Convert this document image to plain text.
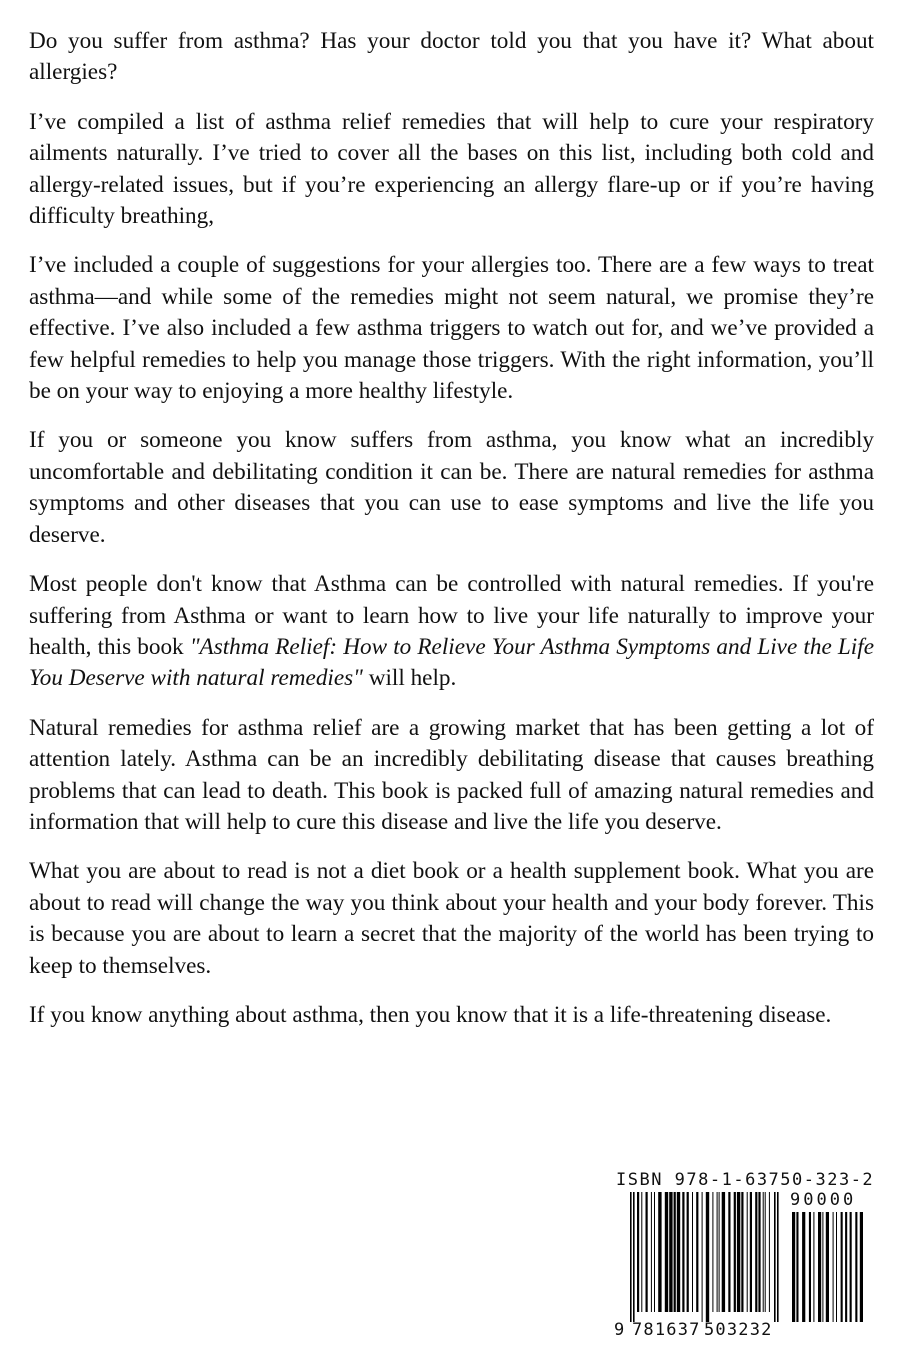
Do you suffer from asthma? Has your doctor told you that you have it? What about allergies?

I’ve compiled a list of asthma relief remedies that will help to cure your respiratory ailments naturally. I’ve tried to cover all the bases on this list, including both cold and allergy-related issues, but if you’re experiencing an allergy flare-up or if you’re having difficulty breathing,

I’ve included a couple of suggestions for your allergies too. There are a few ways to treat asthma—and while some of the remedies might not seem natural, we promise they’re effective. I’ve also included a few asthma triggers to watch out for, and we’ve provided a few helpful remedies to help you manage those triggers. With the right information, you’ll be on your way to enjoying a more healthy lifestyle.

If you or someone you know suffers from asthma, you know what an incredibly uncomfortable and debilitating condition it can be. There are natural remedies for asthma symptoms and other diseases that you can use to ease symptoms and live the life you deserve.

Most people don't know that Asthma can be controlled with natural remedies. If you're suffering from Asthma or want to learn how to live your life naturally to improve your health, this book "Asthma Relief: How to Relieve Your Asthma Symptoms and Live the Life You Deserve with natural remedies" will help.

Natural remedies for asthma relief are a growing market that has been getting a lot of attention lately. Asthma can be an incredibly debilitating disease that causes breathing problems that can lead to death. This book is packed full of amazing natural remedies and information that will help to cure this disease and live the life you deserve.

What you are about to read is not a diet book or a health supplement book. What you are about to read will change the way you think about your health and your body forever. This is because you are about to learn a secret that the majority of the world has been trying to keep to themselves.

If you know anything about asthma, then you know that it is a life-threatening disease.

ISBN 978-1-63750-323-2
90000
9 781637 503232
